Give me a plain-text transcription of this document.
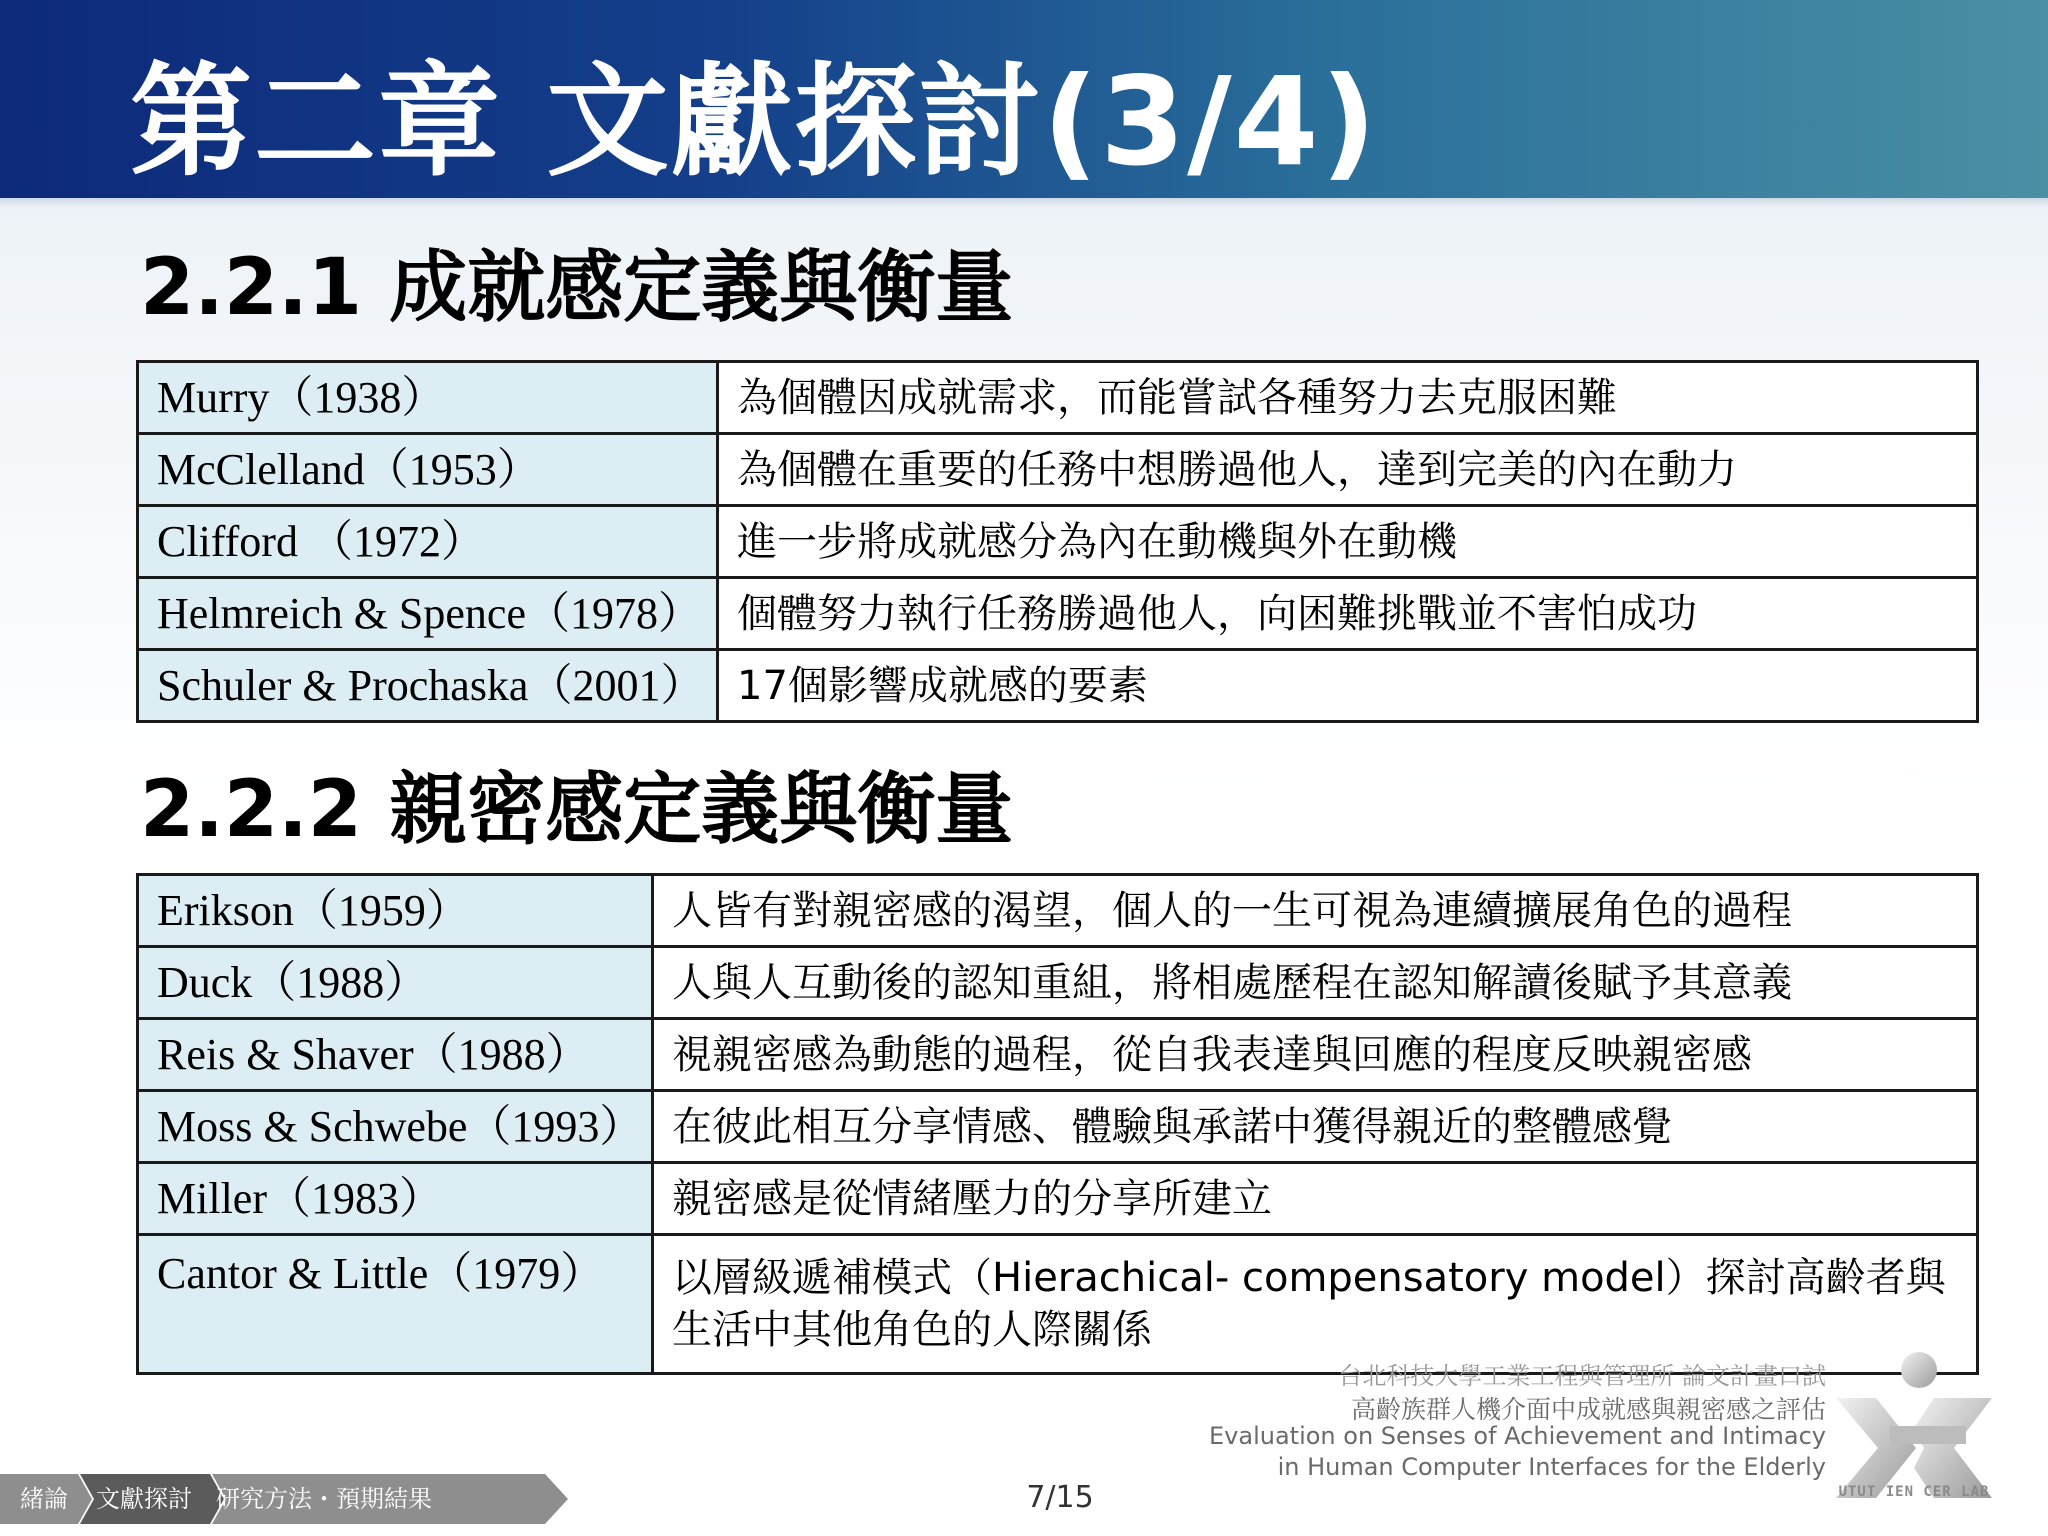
第二章 文獻探討(3/4)
2.2.1 成就感定義與衡量
Murry（1938）	為個體因成就需求，而能嘗試各種努力去克服困難
McClelland（1953）	為個體在重要的任務中想勝過他人，達到完美的內在動力
Clifford （1972）	進一步將成就感分為內在動機與外在動機
Helmreich & Spence（1978）	個體努力執行任務勝過他人，向困難挑戰並不害怕成功
Schuler & Prochaska（2001）	17個影響成就感的要素
2.2.2 親密感定義與衡量
Erikson（1959）	人皆有對親密感的渴望，個人的一生可視為連續擴展角色的過程
Duck（1988）	人與人互動後的認知重組，將相處歷程在認知解讀後賦予其意義
Reis & Shaver（1988）	視親密感為動態的過程，從自我表達與回應的程度反映親密感
Moss & Schwebe（1993）	在彼此相互分享情感、體驗與承諾中獲得親近的整體感覺
Miller（1983）	親密感是從情緒壓力的分享所建立
Cantor & Little（1979）	以層級遞補模式（Hierachical- compensatory model）探討高齡者與生活中其他角色的人際關係
台北科技大學工業工程與管理所 論文計畫口試
高齡族群人機介面中成就感與親密感之評估
Evaluation on Senses of Achievement and Intimacy
in Human Computer Interfaces for the Elderly
UTUT IEN CER LAB
緒論 文獻探討 研究方法・預期結果	7/15
